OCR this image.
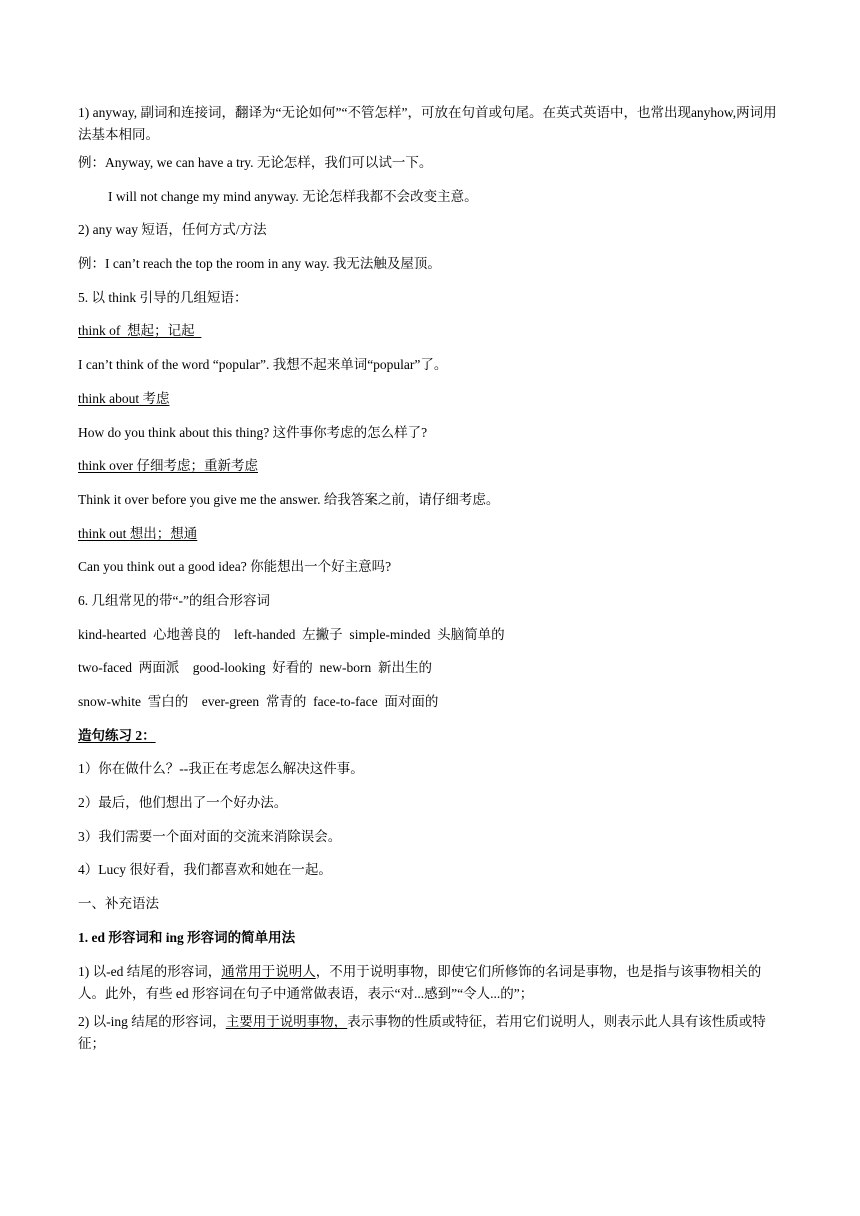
1) anyway, 副词和连接词，翻译为“无论如何”“不管怎样”，可放在句首或句尾。在英式英语中，也常出现anyhow,两词用法基本相同。

例：Anyway, we can have a try. 无论怎样，我们可以试一下。

I will not change my mind anyway. 无论怎样我都不会改变主意。

2) any way 短语，任何方式/方法

例：I can’t reach the top the room in any way. 我无法触及屋顶。

5. 以 think 引导的几组短语：

think of  想起；记起

I can’t think of the word “popular”. 我想不起来单词“popular”了。

think about 考虑

How do you think about this thing? 这件事你考虑的怎么样了?

think over 仔细考虑；重新考虑

Think it over before you give me the answer. 给我答案之前，请仔细考虑。

think out 想出；想通

Can you think out a good idea? 你能想出一个好主意吗?

6. 几组常见的带“-”的组合形容词

kind-hearted  心地善良的    left-handed  左撇子  simple-minded  头脑简单的

two-faced  两面派    good-looking  好看的  new-born  新出生的

snow-white  雪白的    ever-green  常青的  face-to-face  面对面的

造句练习 2：

1）你在做什么？--我正在考虑怎么解决这件事。

2）最后，他们想出了一个好办法。

3）我们需要一个面对面的交流来消除误会。

4）Lucy 很好看，我们都喜欢和她在一起。

一、补充语法

1. ed 形容词和 ing 形容词的简单用法

1) 以-ed 结尾的形容词，通常用于说明人，不用于说明事物，即使它们所修饰的名词是事物，也是指与该事物相关的人。此外，有些 ed 形容词在句子中通常做表语，表示“对...感到”“令人...的”；

2) 以-ing 结尾的形容词，主要用于说明事物，表示事物的性质或特征，若用它们说明人，则表示此人具有该性质或特征；
